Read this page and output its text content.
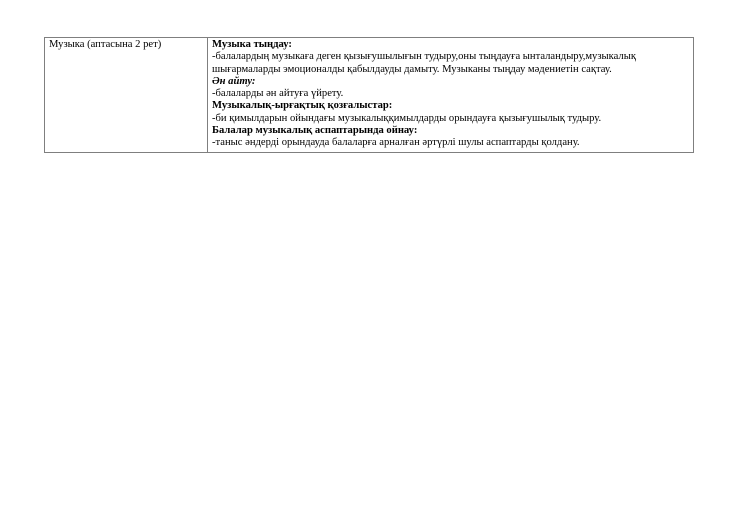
Музыка (аптасына 2 рет)	Музыка тыңдау:
-балалардың музыкаға деген қызығушылығын тудыру,оны тыңдауға ынталандыру,музыкалық шығармаларды эмоционалды қабылдауды дамыту. Музыканы тыңдау мәдениетін сақтау.
Ән айту:
-балаларды ән айтуға үйрету.
Музыкалық-ырғақтық қозғалыстар:
-би қимылдарын ойындағы музыкалыққимылдарды орындауға қызығушылық тудыру.
Балалар музыкалық аспаптарында ойнау:
-таныс әндерді орындауда балаларға арналған әртүрлі шулы аспаптарды қолдану.
